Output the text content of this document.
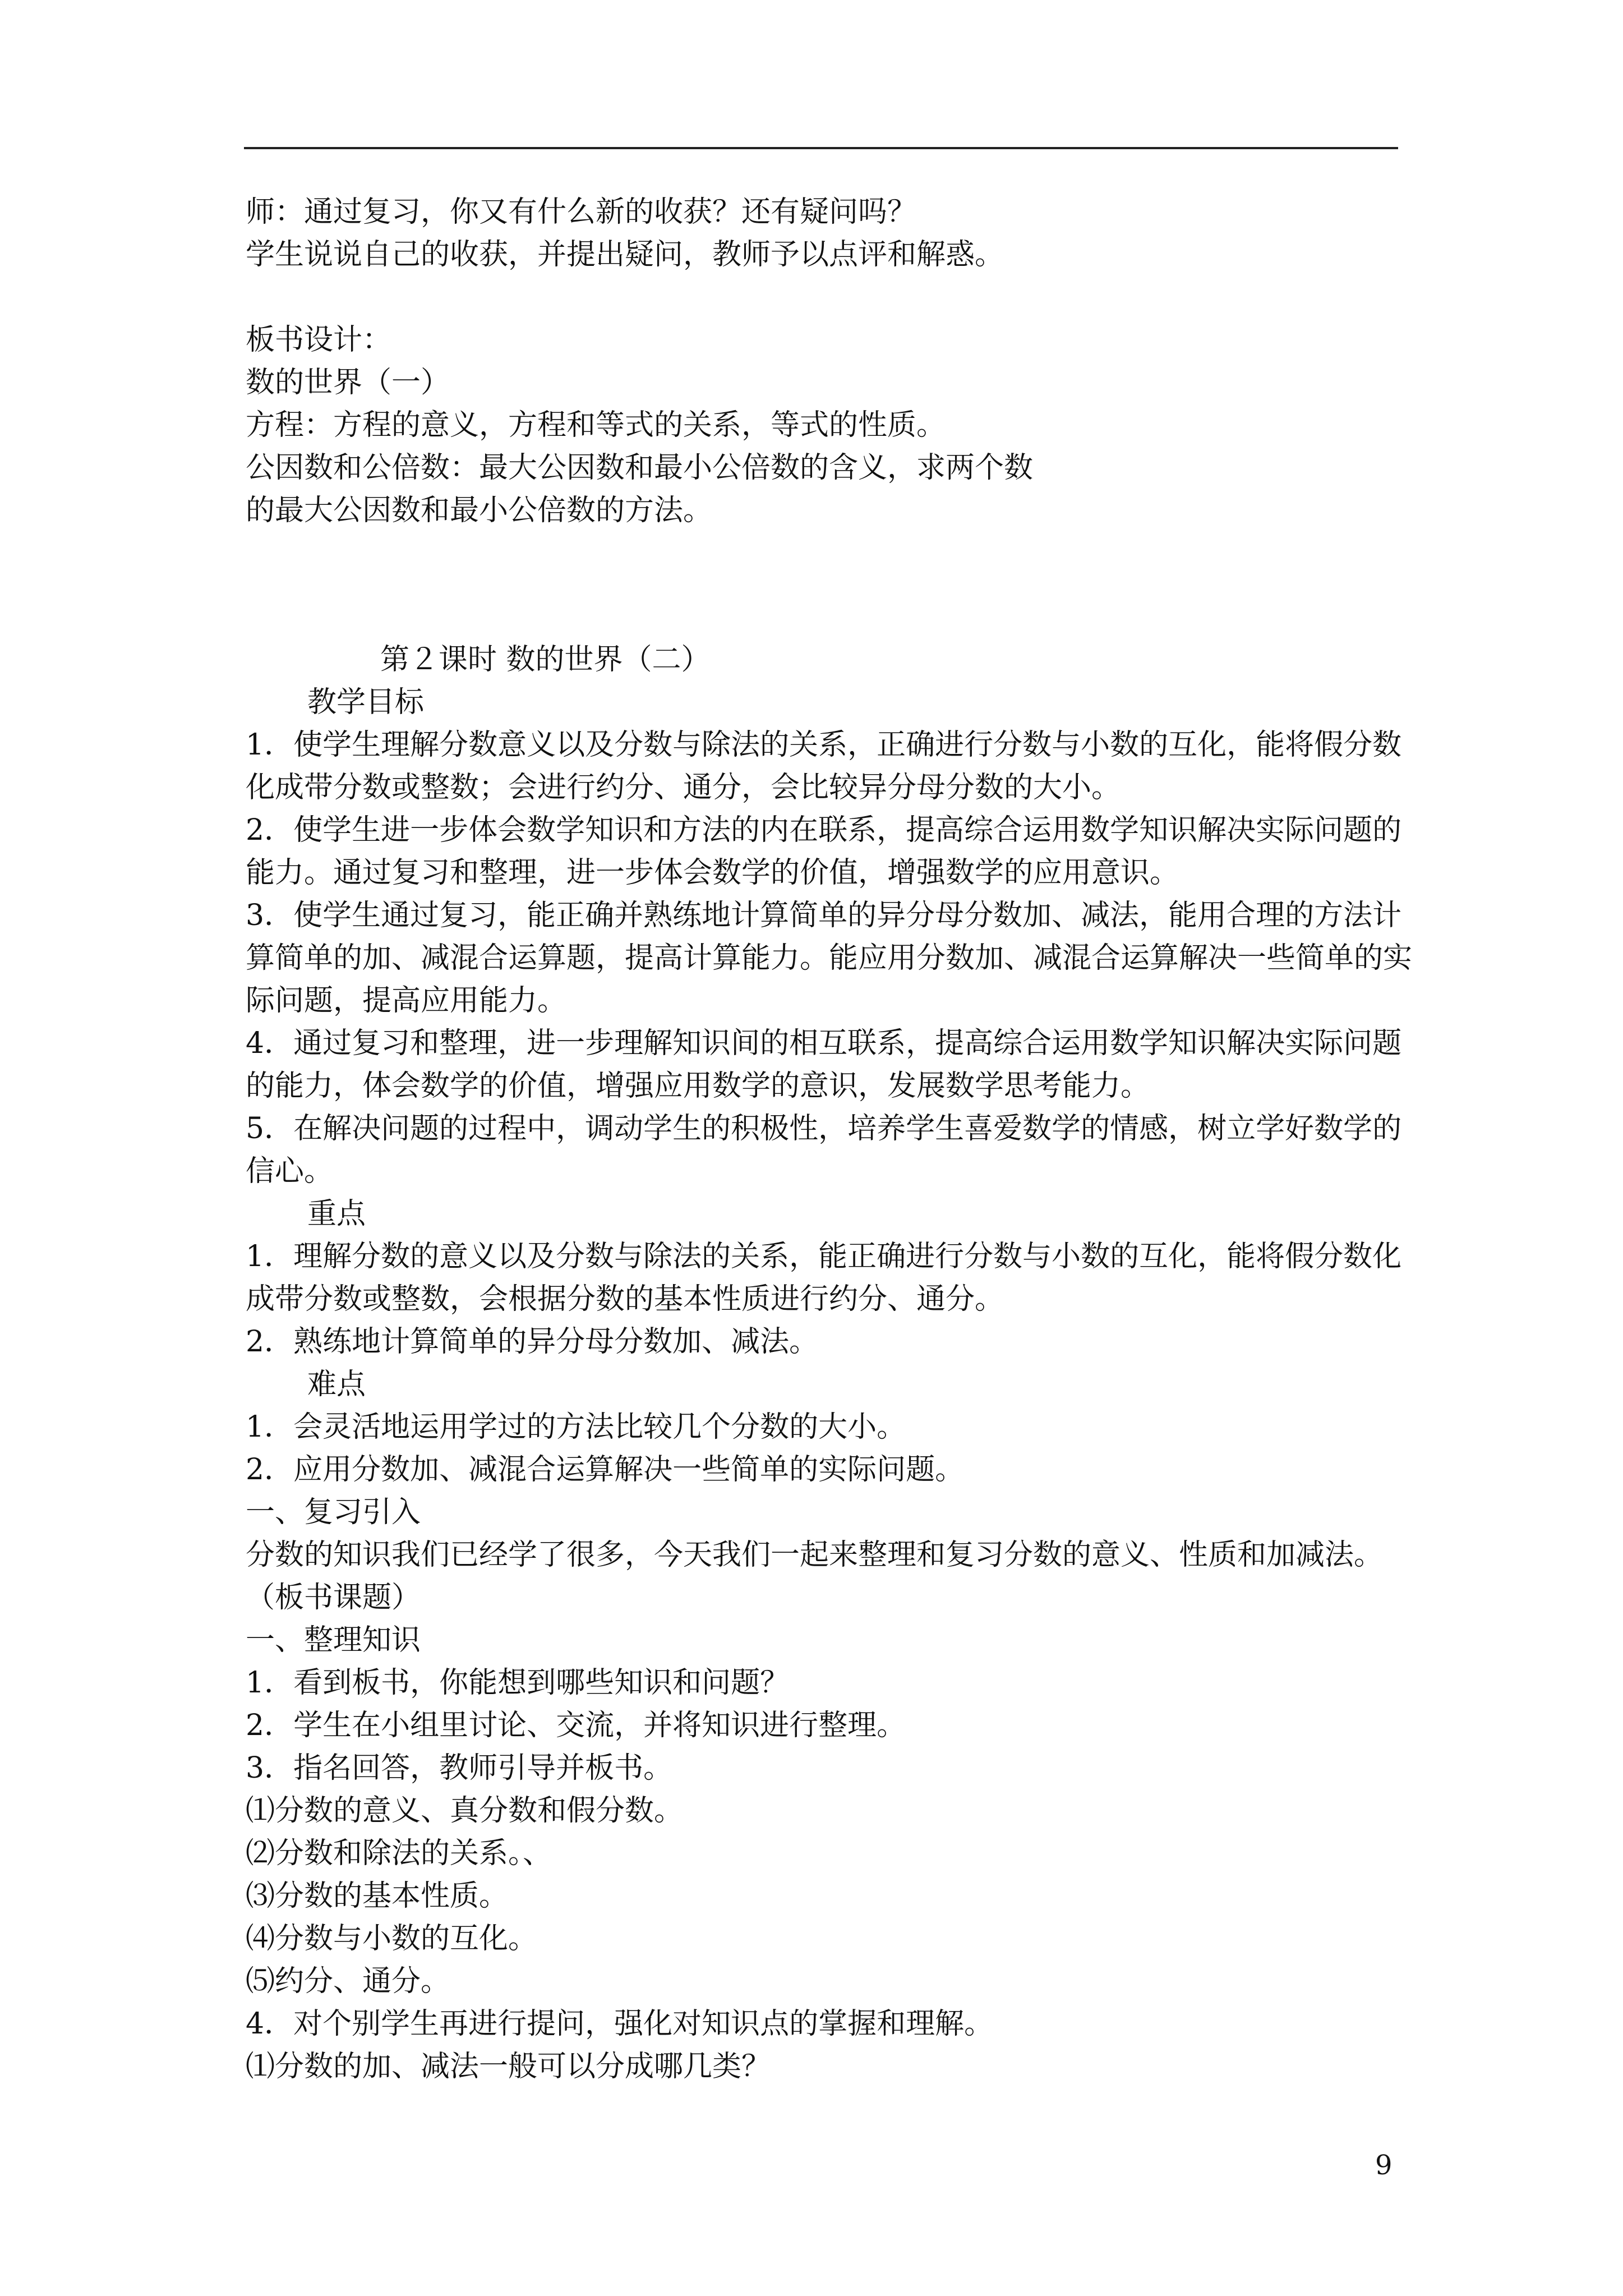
师：通过复习，你又有什么新的收获？还有疑问吗？
学生说说自己的收获，并提出疑问，教师予以点评和解惑。
板书设计：
数的世界（一）
方程：方程的意义，方程和等式的关系，等式的性质。
公因数和公倍数：最大公因数和最小公倍数的含义，求两个数
的最大公因数和最小公倍数的方法。
第２课时 数的世界（二）
教学目标
1．使学生理解分数意义以及分数与除法的关系，正确进行分数与小数的互化，能将假分数
化成带分数或整数；会进行约分、通分，会比较异分母分数的大小。
2．使学生进一步体会数学知识和方法的内在联系，提高综合运用数学知识解决实际问题的
能力。通过复习和整理，进一步体会数学的价值，增强数学的应用意识。
3．使学生通过复习，能正确并熟练地计算简单的异分母分数加、减法，能用合理的方法计
算简单的加、减混合运算题，提高计算能力。能应用分数加、减混合运算解决一些简单的实
际问题，提高应用能力。
4．通过复习和整理，进一步理解知识间的相互联系，提高综合运用数学知识解决实际问题
的能力，体会数学的价值，增强应用数学的意识，发展数学思考能力。
5．在解决问题的过程中，调动学生的积极性，培养学生喜爱数学的情感，树立学好数学的
信心。
重点
1．理解分数的意义以及分数与除法的关系，能正确进行分数与小数的互化，能将假分数化
成带分数或整数，会根据分数的基本性质进行约分、通分。
2．熟练地计算简单的异分母分数加、减法。
难点
1．会灵活地运用学过的方法比较几个分数的大小。
2．应用分数加、减混合运算解决一些简单的实际问题。
一、复习引入
分数的知识我们已经学了很多，今天我们一起来整理和复习分数的意义、性质和加减法。
（板书课题）
一、整理知识
1．看到板书，你能想到哪些知识和问题？
2．学生在小组里讨论、交流，并将知识进行整理。
3．指名回答，教师引导并板书。
⑴分数的意义、真分数和假分数。
⑵分数和除法的关系。、
⑶分数的基本性质。
⑷分数与小数的互化。
⑸约分、通分。
4．对个别学生再进行提问，强化对知识点的掌握和理解。
⑴分数的加、减法一般可以分成哪几类？
9
